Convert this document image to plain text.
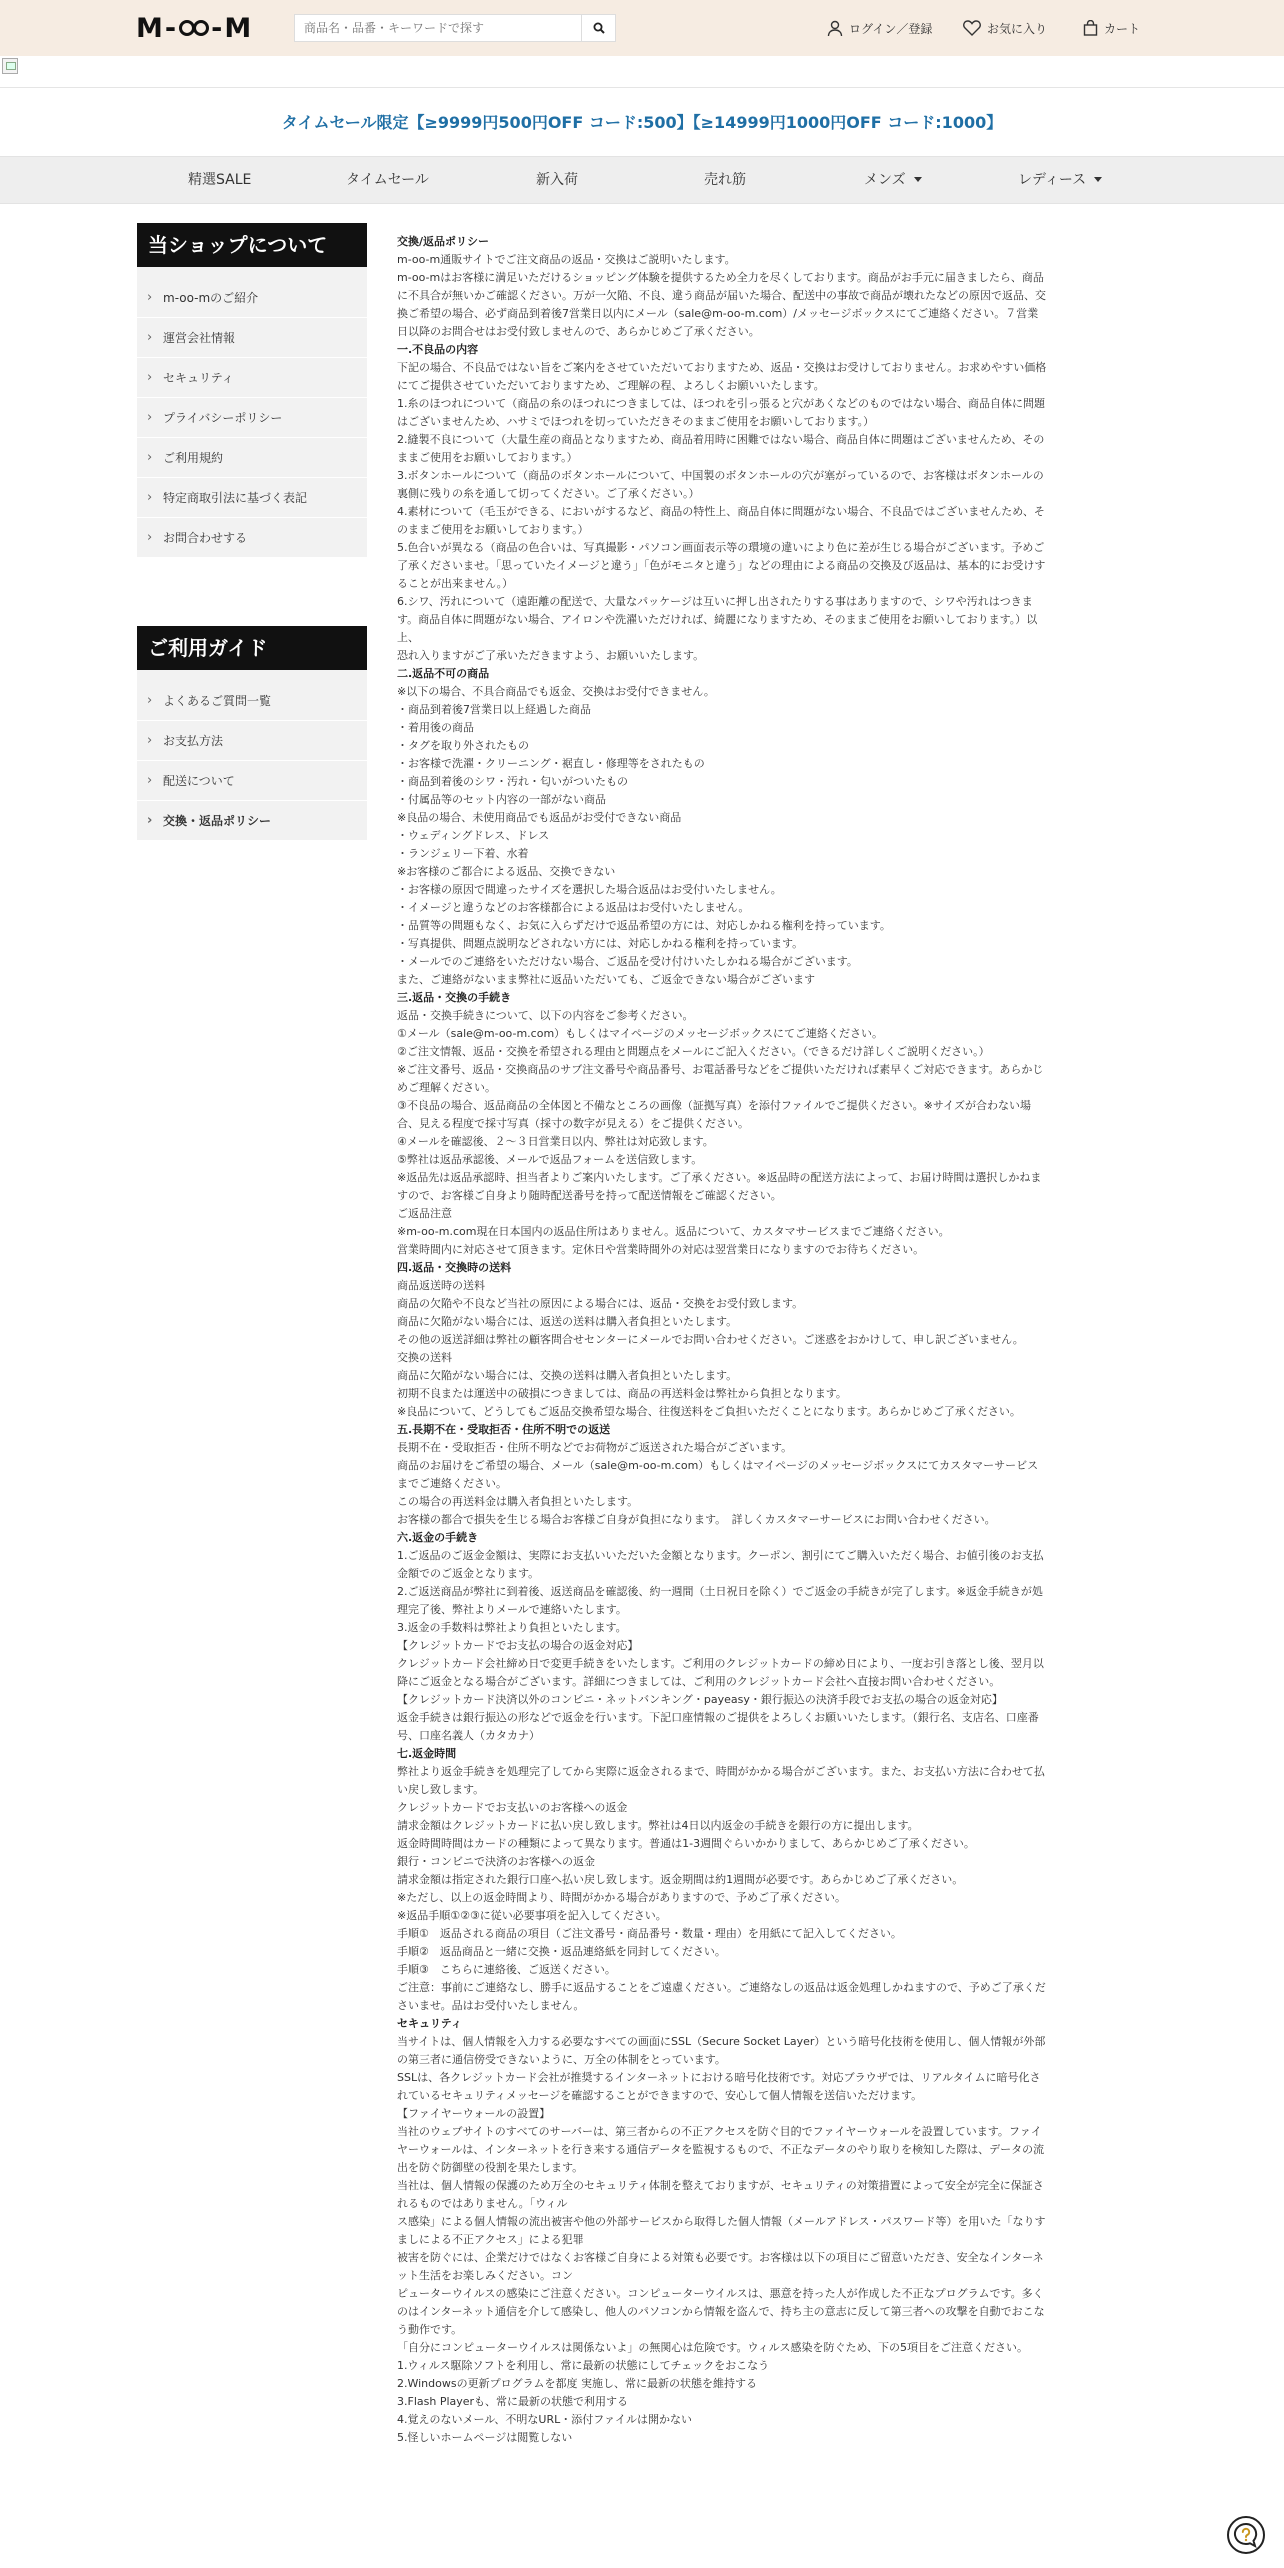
M - - M
商品名・品番・キーワードで探す	ログイン／登録	お気に入り	カート
タイムセール限定【≥9999円500円OFF コード:500】【≥14999円1000円OFF コード:1000】
精選SALE	タイムセール	新入荷	売れ筋	メンズ	レディース
当ショップについて
› m-oo-mのご紹介
› 運営会社情報
› セキュリティ
› プライバシーポリシー
› ご利用規約
› 特定商取引法に基づく表記
› お問合わせする
ご利用ガイド
› よくあるご質問一覧
› お支払方法
› 配送について
› 交換・返品ポリシー

交換/返品ポリシー

m-oo-m通販サイトでご注文商品の返品・交換はご説明いたします。

m-oo-mはお客様に満足いただけるショッピング体験を提供するため全力を尽くしております。商品がお手元に届きましたら、商品に不具合が無いかご確認ください。万が一欠陥、不良、違う商品が届いた場合、配送中の事故で商品が壊れたなどの原因で返品、交換ご希望の場合、必ず商品到着後7営業日以内にメール（sale@m-oo-m.com）/メッセージボックスにてご連絡ください。７営業日以降のお問合せはお受付致しませんので、あらかじめご了承ください。

一.不良品の内容

下記の場合、不良品ではない旨をご案内をさせていただいておりますため、返品・交換はお受けしておりません。お求めやすい価格にてご提供させていただいておりますため、ご理解の程、よろしくお願いいたします。

1.糸のほつれについて（商品の糸のほつれにつきましては、ほつれを引っ張ると穴があくなどのものではない場合、商品自体に問題はございませんため、ハサミでほつれを切っていただきそのままご使用をお願いしております。）

2.縫製不良について（大量生産の商品となりますため、商品着用時に困難ではない場合、商品自体に問題はございませんため、そのままご使用をお願いしております。）

3.ボタンホールについて（商品のボタンホールについて、中国製のボタンホールの穴が塞がっているので、お客様はボタンホールの裏側に残りの糸を通して切ってください。ご了承ください。）

4.素材について（毛玉ができる、においがするなど、商品の特性上、商品自体に問題がない場合、不良品ではございませんため、そのままご使用をお願いしております。）

5.色合いが異なる（商品の色合いは、写真撮影・パソコン画面表示等の環境の違いにより色に差が生じる場合がございます。予めご了承くださいませ。「思っていたイメージと違う」「色がモニタと違う」などの理由による商品の交換及び返品は、基本的にお受けすることが出来ません。）

6.シワ、汚れについて（遠距離の配送で、大量なパッケージは互いに押し出されたりする事はありますので、シワや汚れはつきます。商品自体に問題がない場合、アイロンや洗濯いただければ、綺麗になりますため、そのままご使用をお願いしております。）以上、

恐れ入りますがご了承いただきますよう、お願いいたします。

二.返品不可の商品

※以下の場合、不具合商品でも返金、交換はお受付できません。

・商品到着後7営業日以上経過した商品

・着用後の商品

・タグを取り外されたもの

・お客様で洗濯・クリーニング・裾直し・修理等をされたもの

・商品到着後のシワ・汚れ・匂いがついたもの

・付属品等のセット内容の一部がない商品

※良品の場合、未使用商品でも返品がお受付できない商品

・ウェディングドレス、ドレス

・ランジェリー下着、水着

※お客様のご都合による返品、交換できない

・お客様の原因で間違ったサイズを選択した場合返品はお受付いたしません。

・イメージと違うなどのお客様都合による返品はお受付いたしません。

・品質等の問題もなく、お気に入らずだけで返品希望の方には、対応しかねる権利を持っています。

・写真提供、問題点説明などされない方には、対応しかねる権利を持っています。

・メールでのご連絡をいただけない場合、ご返品を受け付けいたしかねる場合がございます。

また、ご連絡がないまま弊社に返品いただいても、ご返金できない場合がございます

三.返品・交換の手続き

返品・交換手続きについて、以下の内容をご参考ください。

①メール（sale@m-oo-m.com）もしくはマイページのメッセージボックスにてご連絡ください。

②ご注文情報、返品・交換を希望される理由と問題点をメールにご記入ください。（できるだけ詳しくご説明ください。）

※ご注文番号、返品・交換商品のサブ注文番号や商品番号、お電話番号などをご提供いただければ素早くご対応できます。あらかじめご理解ください。

③不良品の場合、返品商品の全体図と不備なところの画像（証拠写真）を添付ファイルでご提供ください。※サイズが合わない場合、見える程度で採寸写真（採寸の数字が見える）をご提供ください。

④メールを確認後、２～３日営業日以内、弊社は対応致します。

⑤弊社は返品承認後、メールで返品フォームを送信致します。

※返品先は返品承認時、担当者よりご案内いたします。ご了承ください。※返品時の配送方法によって、お届け時間は選択しかねますので、お客様ご自身より随時配送番号を持って配送情報をご確認ください。

ご返品注意

※m-oo-m.com現在日本国内の返品住所はありません。返品について、カスタマサービスまでご連絡ください。

営業時間内に対応させて頂きます。定休日や営業時間外の対応は翌営業日になりますのでお待ちください。

四.返品・交換時の送料

商品返送時の送料

商品の欠陥や不良など当社の原因による場合には、返品・交換をお受付致します。

商品に欠陥がない場合には、返送の送料は購入者負担といたします。

その他の返送詳細は弊社の顧客問合せセンターにメールでお問い合わせください。ご迷惑をおかけして、申し訳ございません。

交換の送料

商品に欠陥がない場合には、交換の送料は購入者負担といたします。

初期不良または運送中の破損につきましては、商品の再送料金は弊社から負担となります。

※良品について、どうしてもご返品交換希望な場合、往復送料をご負担いただくことになります。あらかじめご了承ください。

五.長期不在・受取拒否・住所不明での返送

長期不在・受取拒否・住所不明などでお荷物がご返送された場合がございます。

商品のお届けをご希望の場合、メール（sale@m-oo-m.com）もしくはマイページのメッセージボックスにてカスタマーサービスまでご連絡ください。

この場合の再送料金は購入者負担といたします。

お客様の都合で損失を生じる場合お客様ご自身が負担になります。　詳しくカスタマーサービスにお問い合わせください。

六.返金の手続き

1.ご返品のご返金金額は、実際にお支払いいただいた金額となります。クーポン、割引にてご購入いただく場合、お値引後のお支払金額でのご返金となります。

2.ご返送商品が弊社に到着後、返送商品を確認後、約一週間（土日祝日を除く）でご返金の手続きが完了します。※返金手続きが処理完了後、弊社よりメールで連絡いたします。

3.返金の手数料は弊社より負担といたします。

【クレジットカードでお支払の場合の返金対応】

クレジットカード会社締め日で変更手続きをいたします。ご利用のクレジットカードの締め日により、一度お引き落とし後、翌月以降にご返金となる場合がございます。詳細につきましては、ご利用のクレジットカード会社へ直接お問い合わせください。

【クレジットカード決済以外のコンビニ・ネットバンキング・payeasy・銀行振込の決済手段でお支払の場合の返金対応】

返金手続きは銀行振込の形などで返金を行います。下記口座情報のご提供をよろしくお願いいたします。（銀行名、支店名、口座番号、口座名義人（カタカナ）

七.返金時間

弊社より返金手続きを処理完了してから実際に返金されるまで、時間がかかる場合がございます。また、お支払い方法に合わせて払い戻し致します。

クレジットカードでお支払いのお客様への返金

請求金額はクレジットカードに払い戻し致します。弊社は4日以内返金の手続きを銀行の方に提出します。

返金時間時間はカードの種類によって異なります。普通は1-3週間ぐらいかかりまして、あらかじめご了承ください。

銀行・コンビニで決済のお客様への返金

請求金額は指定された銀行口座へ払い戻し致します。返金期間は約1週間が必要です。あらかじめご了承ください。

※ただし、以上の返金時間より、時間がかかる場合がありますので、予めご了承ください。

※返品手順①②③に従い必要事項を記入してください。

手順①　返品される商品の項目（ご注文番号・商品番号・数量・理由）を用紙にて記入してください。

手順②　返品商品と一緒に交換・返品連絡紙を同封してください。

手順③　こちらに連絡後、ご返送ください。

ご注意：事前にご連絡なし、勝手に返品することをご遠慮ください。ご連絡なしの返品は返金処理しかねますので、予めご了承くださいませ。品はお受付いたしません。

セキュリティ

当サイトは、個人情報を入力する必要なすべての画面にSSL（Secure Socket Layer）という暗号化技術を使用し、個人情報が外部の第三者に通信傍受できないように、万全の体制をとっています。

SSLは、各クレジットカード会社が推奨するインターネットにおける暗号化技術です。対応ブラウザでは、リアルタイムに暗号化されているセキュリティメッセージを確認することができますので、安心して個人情報を送信いただけます。

【ファイヤーウォールの設置】

当社のウェブサイトのすべてのサーバーは、第三者からの不正アクセスを防ぐ目的でファイヤーウォールを設置しています。ファイヤーウォールは、インターネットを行き来する通信データを監視するもので、不正なデータのやり取りを検知した際は、データの流出を防ぐ防御壁の役割を果たします。

当社は、個人情報の保護のため万全のセキュリティ体制を整えておりますが、セキュリティの対策措置によって安全が完全に保証されるものではありません。「ウィル

ス感染」による個人情報の流出被害や他の外部サービスから取得した個人情報（メールアドレス・パスワード等）を用いた「なりすましによる不正アクセス」による犯罪

被害を防ぐには、企業だけではなくお客様ご自身による対策も必要です。お客様は以下の項目にご留意いただき、安全なインターネット生活をお楽しみください。コン

ピューターウイルスの感染にご注意ください。コンピューターウイルスは、悪意を持った人が作成した不正なプログラムです。多くのはインターネット通信を介して感染し、他人のパソコンから情報を盗んで、持ち主の意志に反して第三者への攻撃を自動でおこなう動作です。

「自分にコンピューターウイルスは関係ないよ」の無関心は危険です。ウィルス感染を防ぐため、下の5項目をご注意ください。

1.ウィルス駆除ソフトを利用し、常に最新の状態にしてチェックをおこなう

2.Windowsの更新プログラムを都度 実施し、常に最新の状態を維持する

3.Flash Playerも、常に最新の状態で利用する

4.覚えのないメール、不明なURL・添付ファイルは開かない

5.怪しいホームページは閲覧しない
